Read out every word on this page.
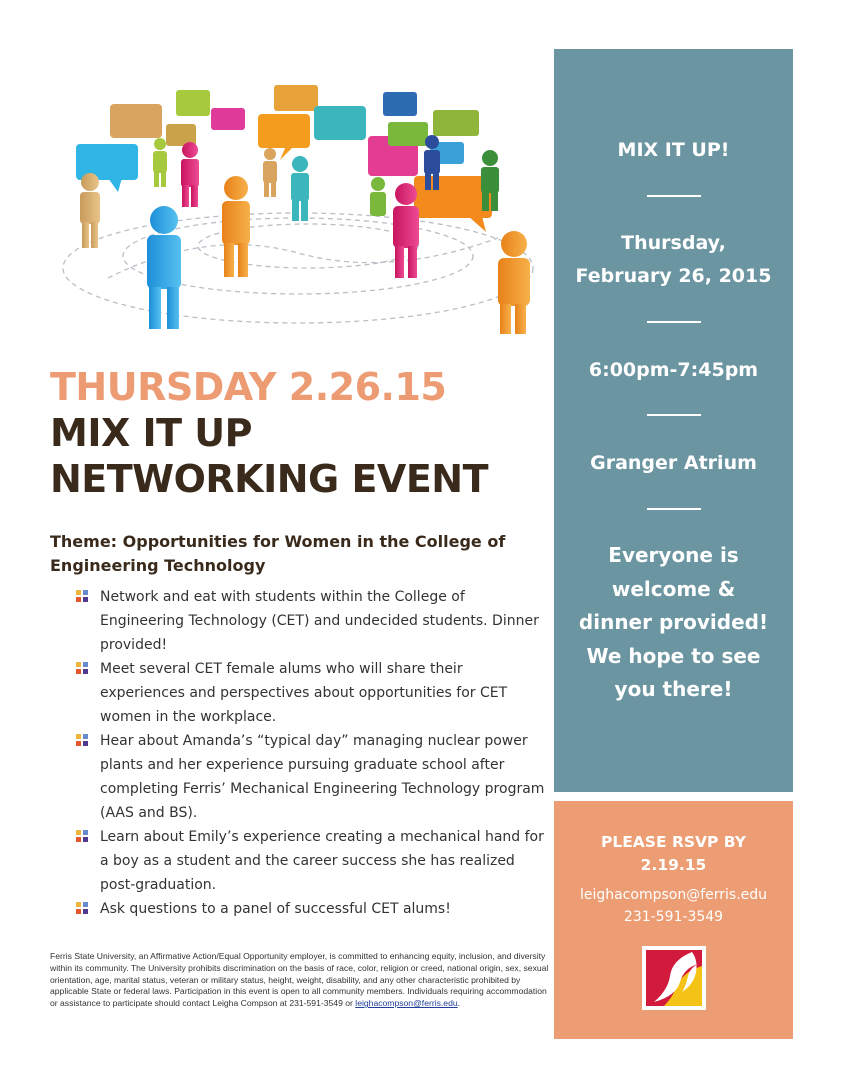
THURSDAY 2.26.15
MIX IT UP
NETWORKING EVENT
Theme: Opportunities for Women in the College of Engineering Technology
Network and eat with students within the College of Engineering Technology (CET) and undecided students. Dinner provided!
Meet several CET female alums who will share their experiences and perspectives about opportunities for CET women in the workplace.
Hear about Amanda’s “typical day” managing nuclear power plants and her experience pursuing graduate school after completing Ferris’ Mechanical Engineering Technology program (AAS and BS).
Learn about Emily’s experience creating a mechanical hand for a boy as a student and the career success she has realized post-graduation.
Ask questions to a panel of successful CET alums!
Ferris State University, an Affirmative Action/Equal Opportunity employer, is committed to enhancing equity, inclusion, and diversity within its community. The University prohibits discrimination on the basis of race, color, religion or creed, national origin, sex, sexual orientation, age, marital status, veteran or military status, height, weight, disability, and any other characteristic prohibited by applicable State or federal laws. Participation in this event is open to all community members. Individuals requiring accommodation or assistance to participate should contact Leigha Compson at 231-591-3549 or leighacompson@ferris.edu.
MIX IT UP!
Thursday,
February 26, 2015
6:00pm-7:45pm
Granger Atrium
Everyone is
welcome &
dinner provided!
We hope to see
you there!
PLEASE RSVP BY
2.19.15
leighacompson@ferris.edu
231-591-3549
